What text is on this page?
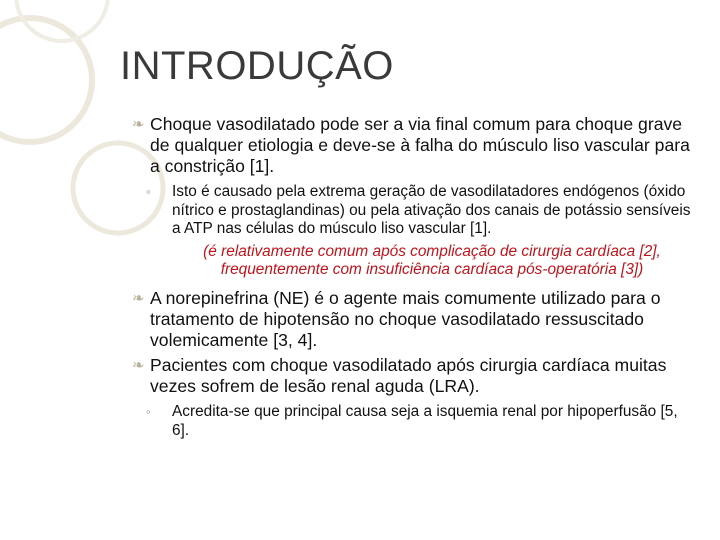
INTRODUÇÃO
❧ Choque vasodilatado pode ser a via final comum para choque grave de qualquer etiologia e deve-se à falha do músculo liso vascular para a constrição [1].
◦ Isto é causado pela extrema geração de vasodilatadores endógenos (óxido nítrico e prostaglandinas) ou pela ativação dos canais de potássio sensíveis a ATP nas células do músculo liso vascular [1].
(é relativamente comum após complicação de cirurgia cardíaca [2], frequentemente com insuficiência cardíaca pós-operatória [3])
❧ A norepinefrina (NE) é o agente mais comumente utilizado para o tratamento de hipotensão no choque vasodilatado ressuscitado volemicamente [3, 4].
❧ Pacientes com choque vasodilatado após cirurgia cardíaca muitas vezes sofrem de lesão renal aguda (LRA).
◦ Acredita-se que principal causa seja a isquemia renal por hipoperfusão [5, 6].
